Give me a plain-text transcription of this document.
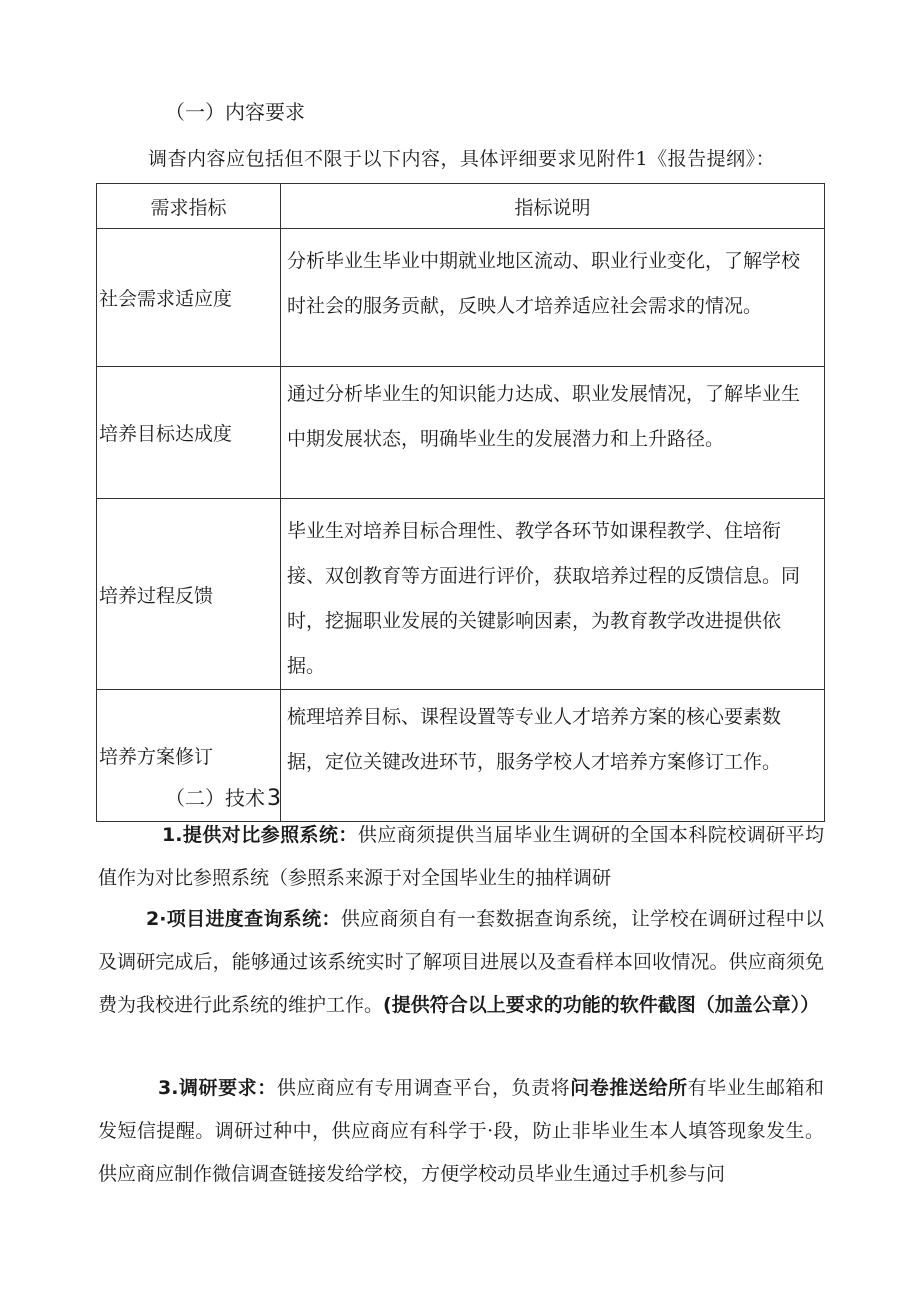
（一）内容要求
调杳内容应包括但不限于以下内容，具体评细要求见附件1《报告提纲》：
需求指标	指标说明
社会需求适应度	分析毕业生毕业中期就业地区流动、职业行业变化，了解学校时社会的服务贡献，反映人才培养适应社会需求的情况。
培养目标达成度	通过分析毕业生的知识能力达成、职业发展情况，了解毕业生中期发展状态，明确毕业生的发展潜力和上升路径。
培养过程反馈	毕业生对培养目标合理性、教学各环节如课程教学、住培衔接、双创教育等方面进行评价，获取培养过程的反馈信息。同时，挖掘职业发展的关键影响因素，为教育教学改进提供依据。
培养方案修订	梳理培养目标、课程设置等专业人才培养方案的核心要素数据，定位关键改进环节，服务学校人才培养方案修订工作。
（二）技术3
1.提供对比参照系统：供应商须提供当届毕业生调研的全国本科院校调研平均值作为对比参照系统（参照系来源于对全国毕业生的抽样调研
2·项目进度查询系统：供应商须自有一套数据查询系统，让学校在调研过程中以及调研完成后，能够通过该系统实时了解项目进展以及查看样本回收情况。供应商须免费为我校进行此系统的维护工作。(提供符合以上要求的功能的软件截图（加盖公章））
3.调研要求：供应商应有专用调查平台，负责将问卷推送给所有毕业生邮箱和发短信提醒。调研过种中，供应商应有科学于·段，防止非毕业生本人填答现象发生。供应商应制作微信调查链接发给学校，方便学校动员毕业生通过手机参与问
